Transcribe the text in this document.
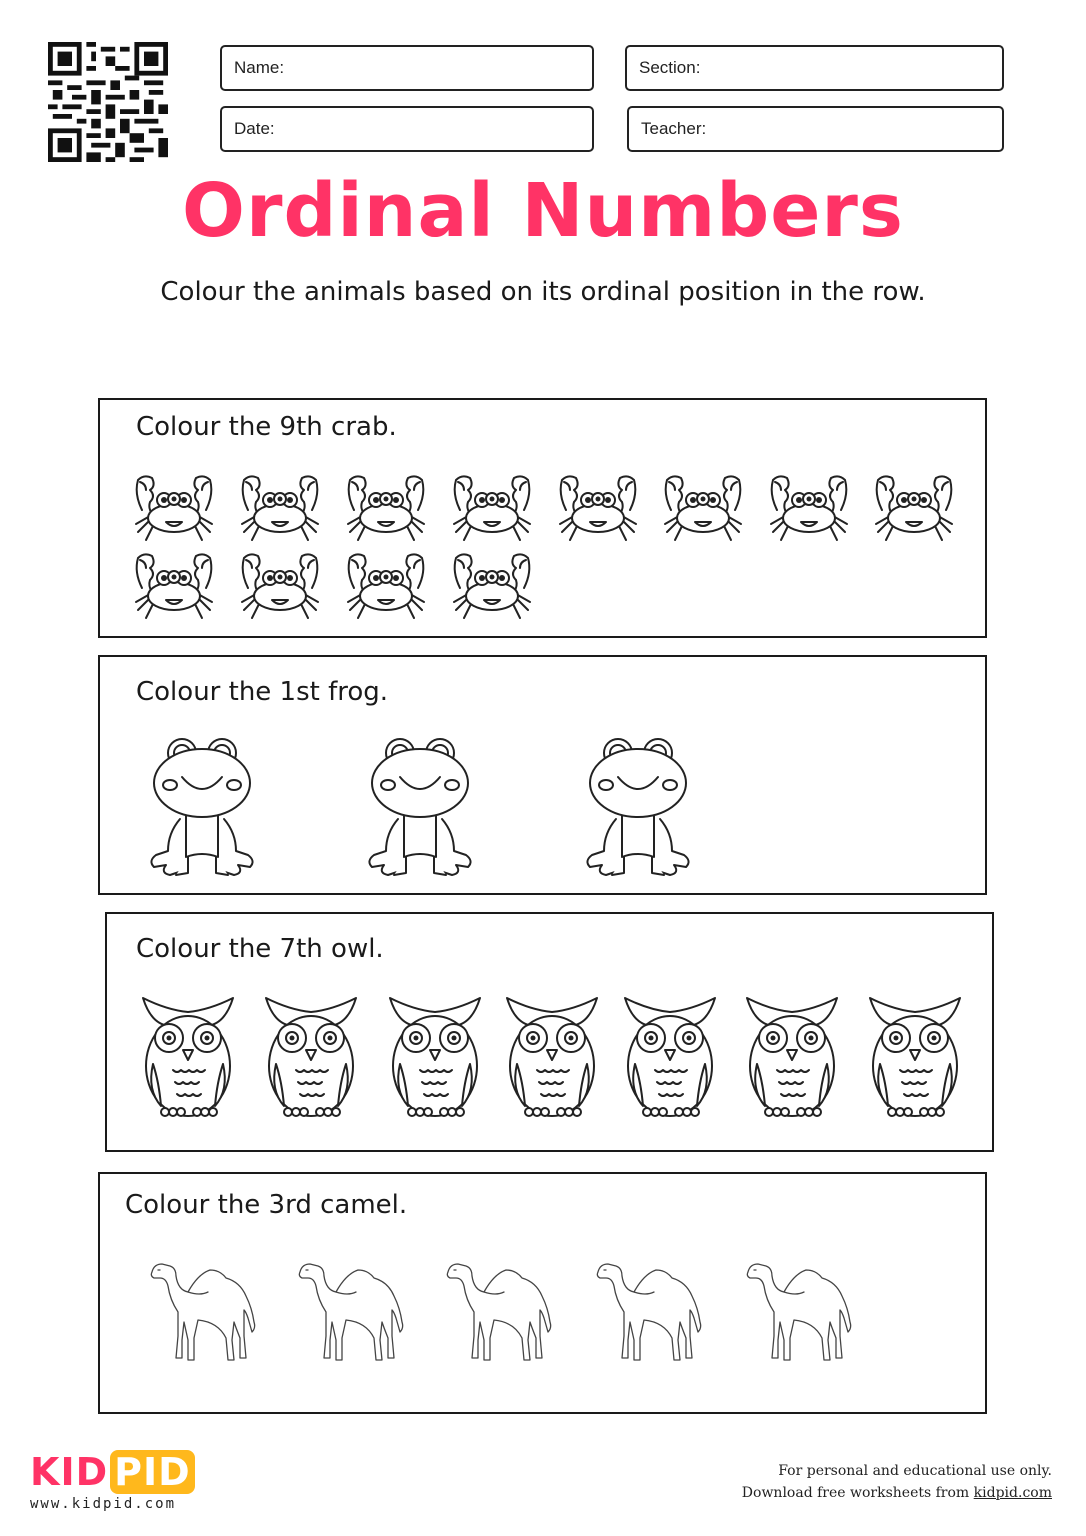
Name:	Section:
Date:	Teacher:
Ordinal Numbers
Colour the animals based on its ordinal position in the row.
Colour the 9th crab.
Colour the 1st frog.
Colour the 7th owl.
Colour the 3rd camel.
KID PID
www.kidpid.com
For personal and educational use only.
Download free worksheets from kidpid.com
